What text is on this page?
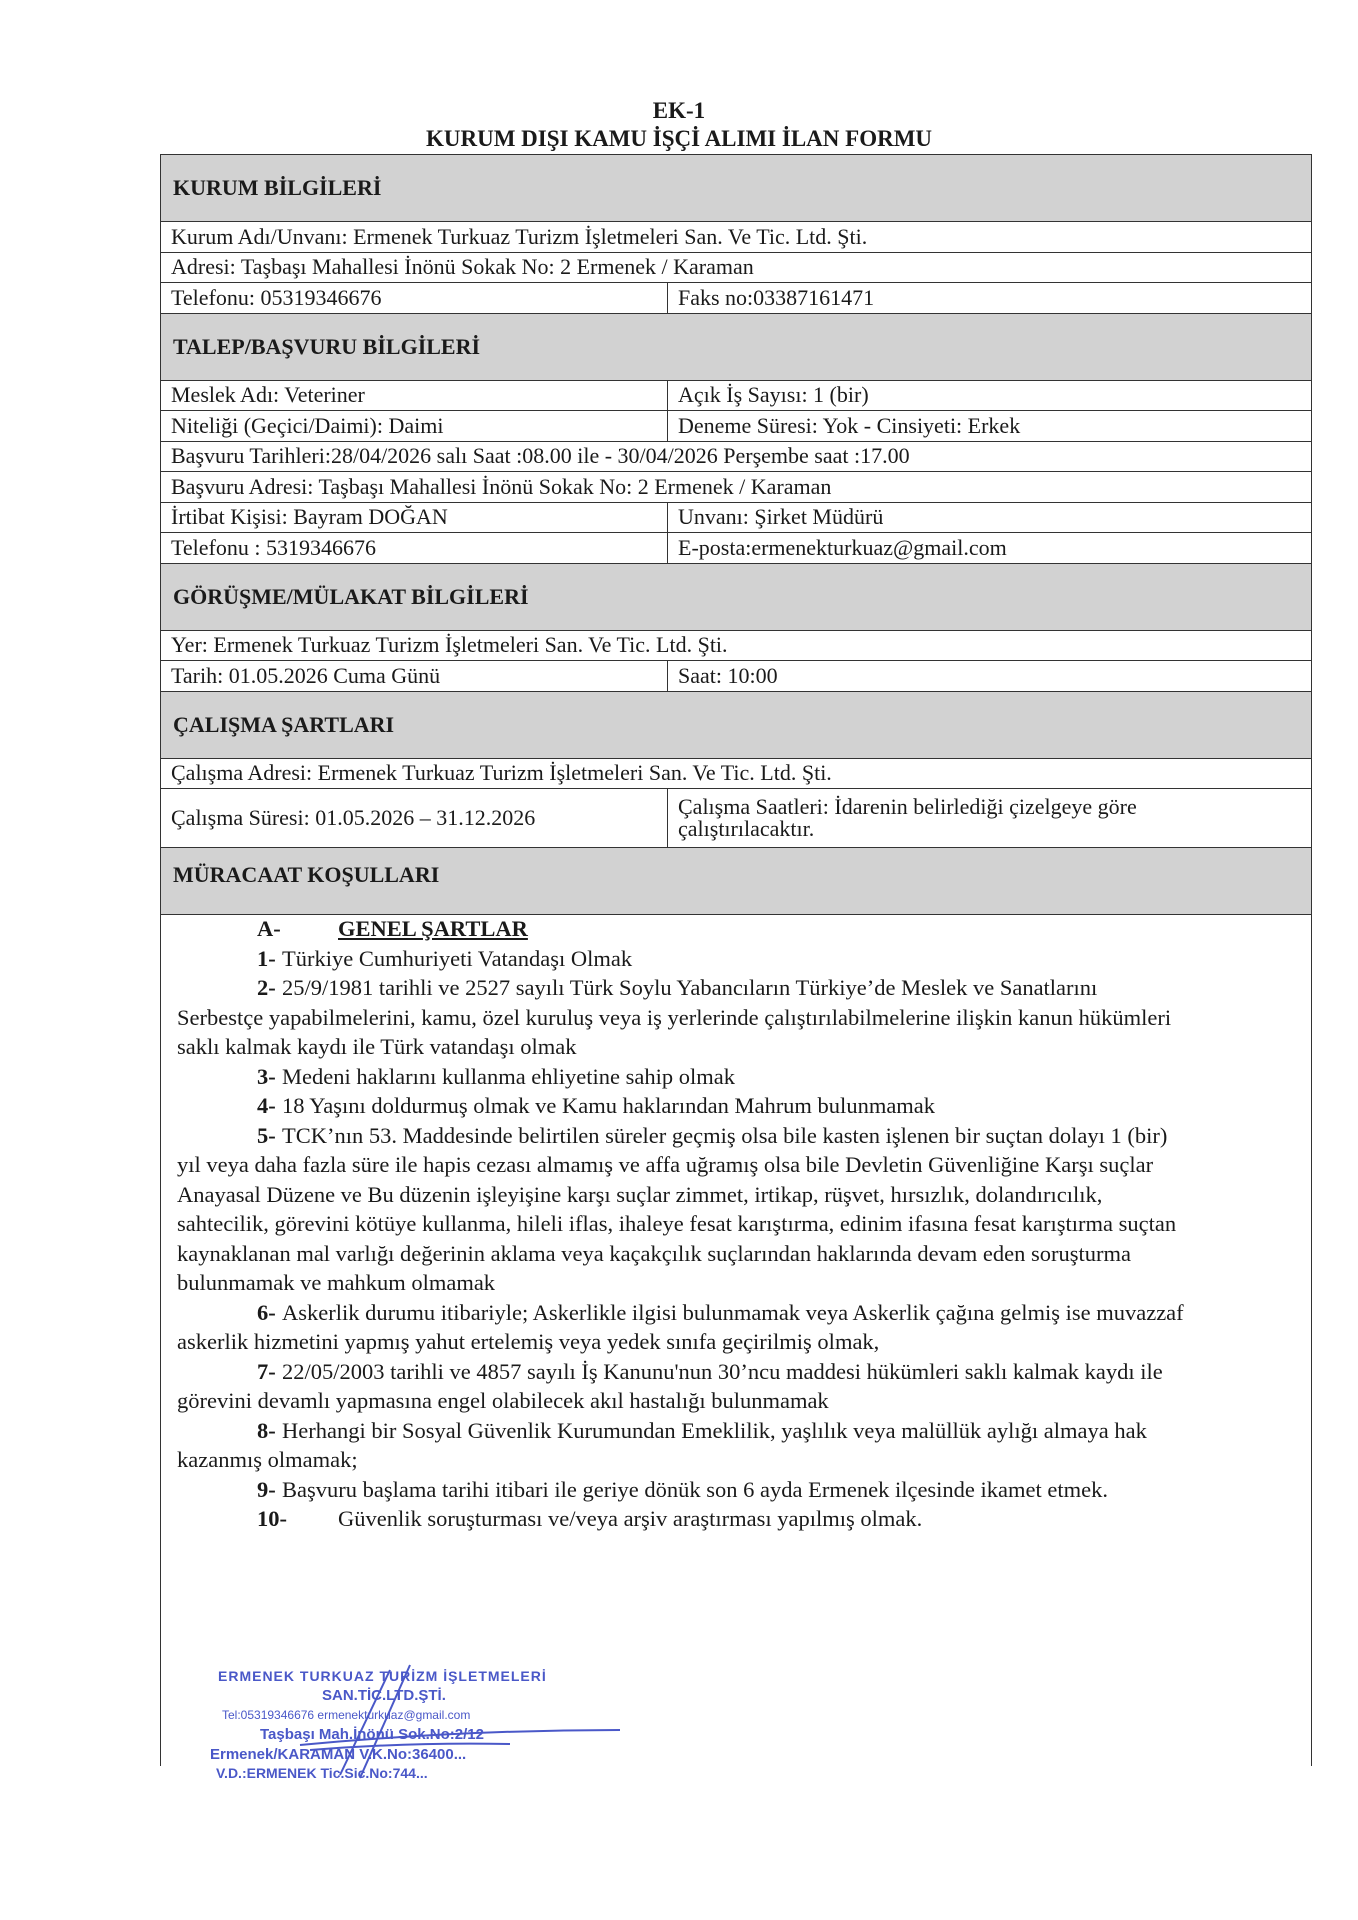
EK-1
KURUM DIŞI KAMU İŞÇİ ALIMI İLAN FORMU
KURUM BİLGİLERİ
Kurum Adı/Unvanı: Ermenek Turkuaz Turizm İşletmeleri San. Ve Tic. Ltd. Şti.
Adresi: Taşbaşı Mahallesi İnönü Sokak No: 2 Ermenek / Karaman
Telefonu: 05319346676	Faks no:03387161471
TALEP/BAŞVURU BİLGİLERİ
Meslek Adı: Veteriner	Açık İş Sayısı: 1 (bir)
Niteliği (Geçici/Daimi): Daimi	Deneme Süresi: Yok - Cinsiyeti: Erkek
Başvuru Tarihleri:28/04/2026 salı Saat :08.00 ile - 30/04/2026 Perşembe saat :17.00
Başvuru Adresi: Taşbaşı Mahallesi İnönü Sokak No: 2 Ermenek / Karaman
İrtibat Kişisi: Bayram DOĞAN	Unvanı: Şirket Müdürü
Telefonu : 5319346676	E-posta:ermenekturkuaz@gmail.com
GÖRÜŞME/MÜLAKAT BİLGİLERİ
Yer: Ermenek Turkuaz Turizm İşletmeleri San. Ve Tic. Ltd. Şti.
Tarih: 01.05.2026 Cuma Günü	Saat: 10:00
ÇALIŞMA ŞARTLARI
Çalışma Adresi: Ermenek Turkuaz Turizm İşletmeleri San. Ve Tic. Ltd. Şti.
Çalışma Süresi: 01.05.2026 – 31.12.2026	Çalışma Saatleri: İdarenin belirlediği çizelgeye göre
çalıştırılacaktır.
MÜRACAAT KOŞULLARI
A-	GENEL ŞARTLAR
1- Türkiye Cumhuriyeti Vatandaşı Olmak
2- 25/9/1981 tarihli ve 2527 sayılı Türk Soylu Yabancıların Türkiye’de Meslek ve Sanatlarını
Serbestçe yapabilmelerini, kamu, özel kuruluş veya iş yerlerinde çalıştırılabilmelerine ilişkin kanun hükümleri
saklı kalmak kaydı ile Türk vatandaşı olmak
3- Medeni haklarını kullanma ehliyetine sahip olmak
4- 18 Yaşını doldurmuş olmak ve Kamu haklarından Mahrum bulunmamak
5- TCK’nın 53. Maddesinde belirtilen süreler geçmiş olsa bile kasten işlenen bir suçtan dolayı 1 (bir)
yıl veya daha fazla süre ile hapis cezası almamış ve affa uğramış olsa bile Devletin Güvenliğine Karşı suçlar
Anayasal Düzene ve Bu düzenin işleyişine karşı suçlar zimmet, irtikap, rüşvet, hırsızlık, dolandırıcılık,
sahtecilik, görevini kötüye kullanma, hileli iflas, ihaleye fesat karıştırma, edinim ifasına fesat karıştırma suçtan
kaynaklanan mal varlığı değerinin aklama veya kaçakçılık suçlarından haklarında devam eden soruşturma
bulunmamak ve mahkum olmamak
6- Askerlik durumu itibariyle; Askerlikle ilgisi bulunmamak veya Askerlik çağına gelmiş ise muvazzaf
askerlik hizmetini yapmış yahut ertelemiş veya yedek sınıfa geçirilmiş olmak,
7- 22/05/2003 tarihli ve 4857 sayılı İş Kanunu'nun 30’ncu maddesi hükümleri saklı kalmak kaydı ile
görevini devamlı yapmasına engel olabilecek akıl hastalığı bulunmamak
8- Herhangi bir Sosyal Güvenlik Kurumundan Emeklilik, yaşlılık veya malüllük aylığı almaya hak
kazanmış olmamak;
9- Başvuru başlama tarihi itibari ile geriye dönük son 6 ayda Ermenek ilçesinde ikamet etmek.
10- Güvenlik soruşturması ve/veya arşiv araştırması yapılmış olmak.
ERMENEK TURKUAZ TURİZM İŞLETMELERİ
SAN.TİC.LTD.ŞTİ.
Tel:05319346676 ermenekturkuaz@gmail.com
Taşbaşı Mah.İnönü Sok.No:2/12
Ermenek/KARAMAN V.K.No:36400...
V.D.:ERMENEK Tic.Sic.No:744...
